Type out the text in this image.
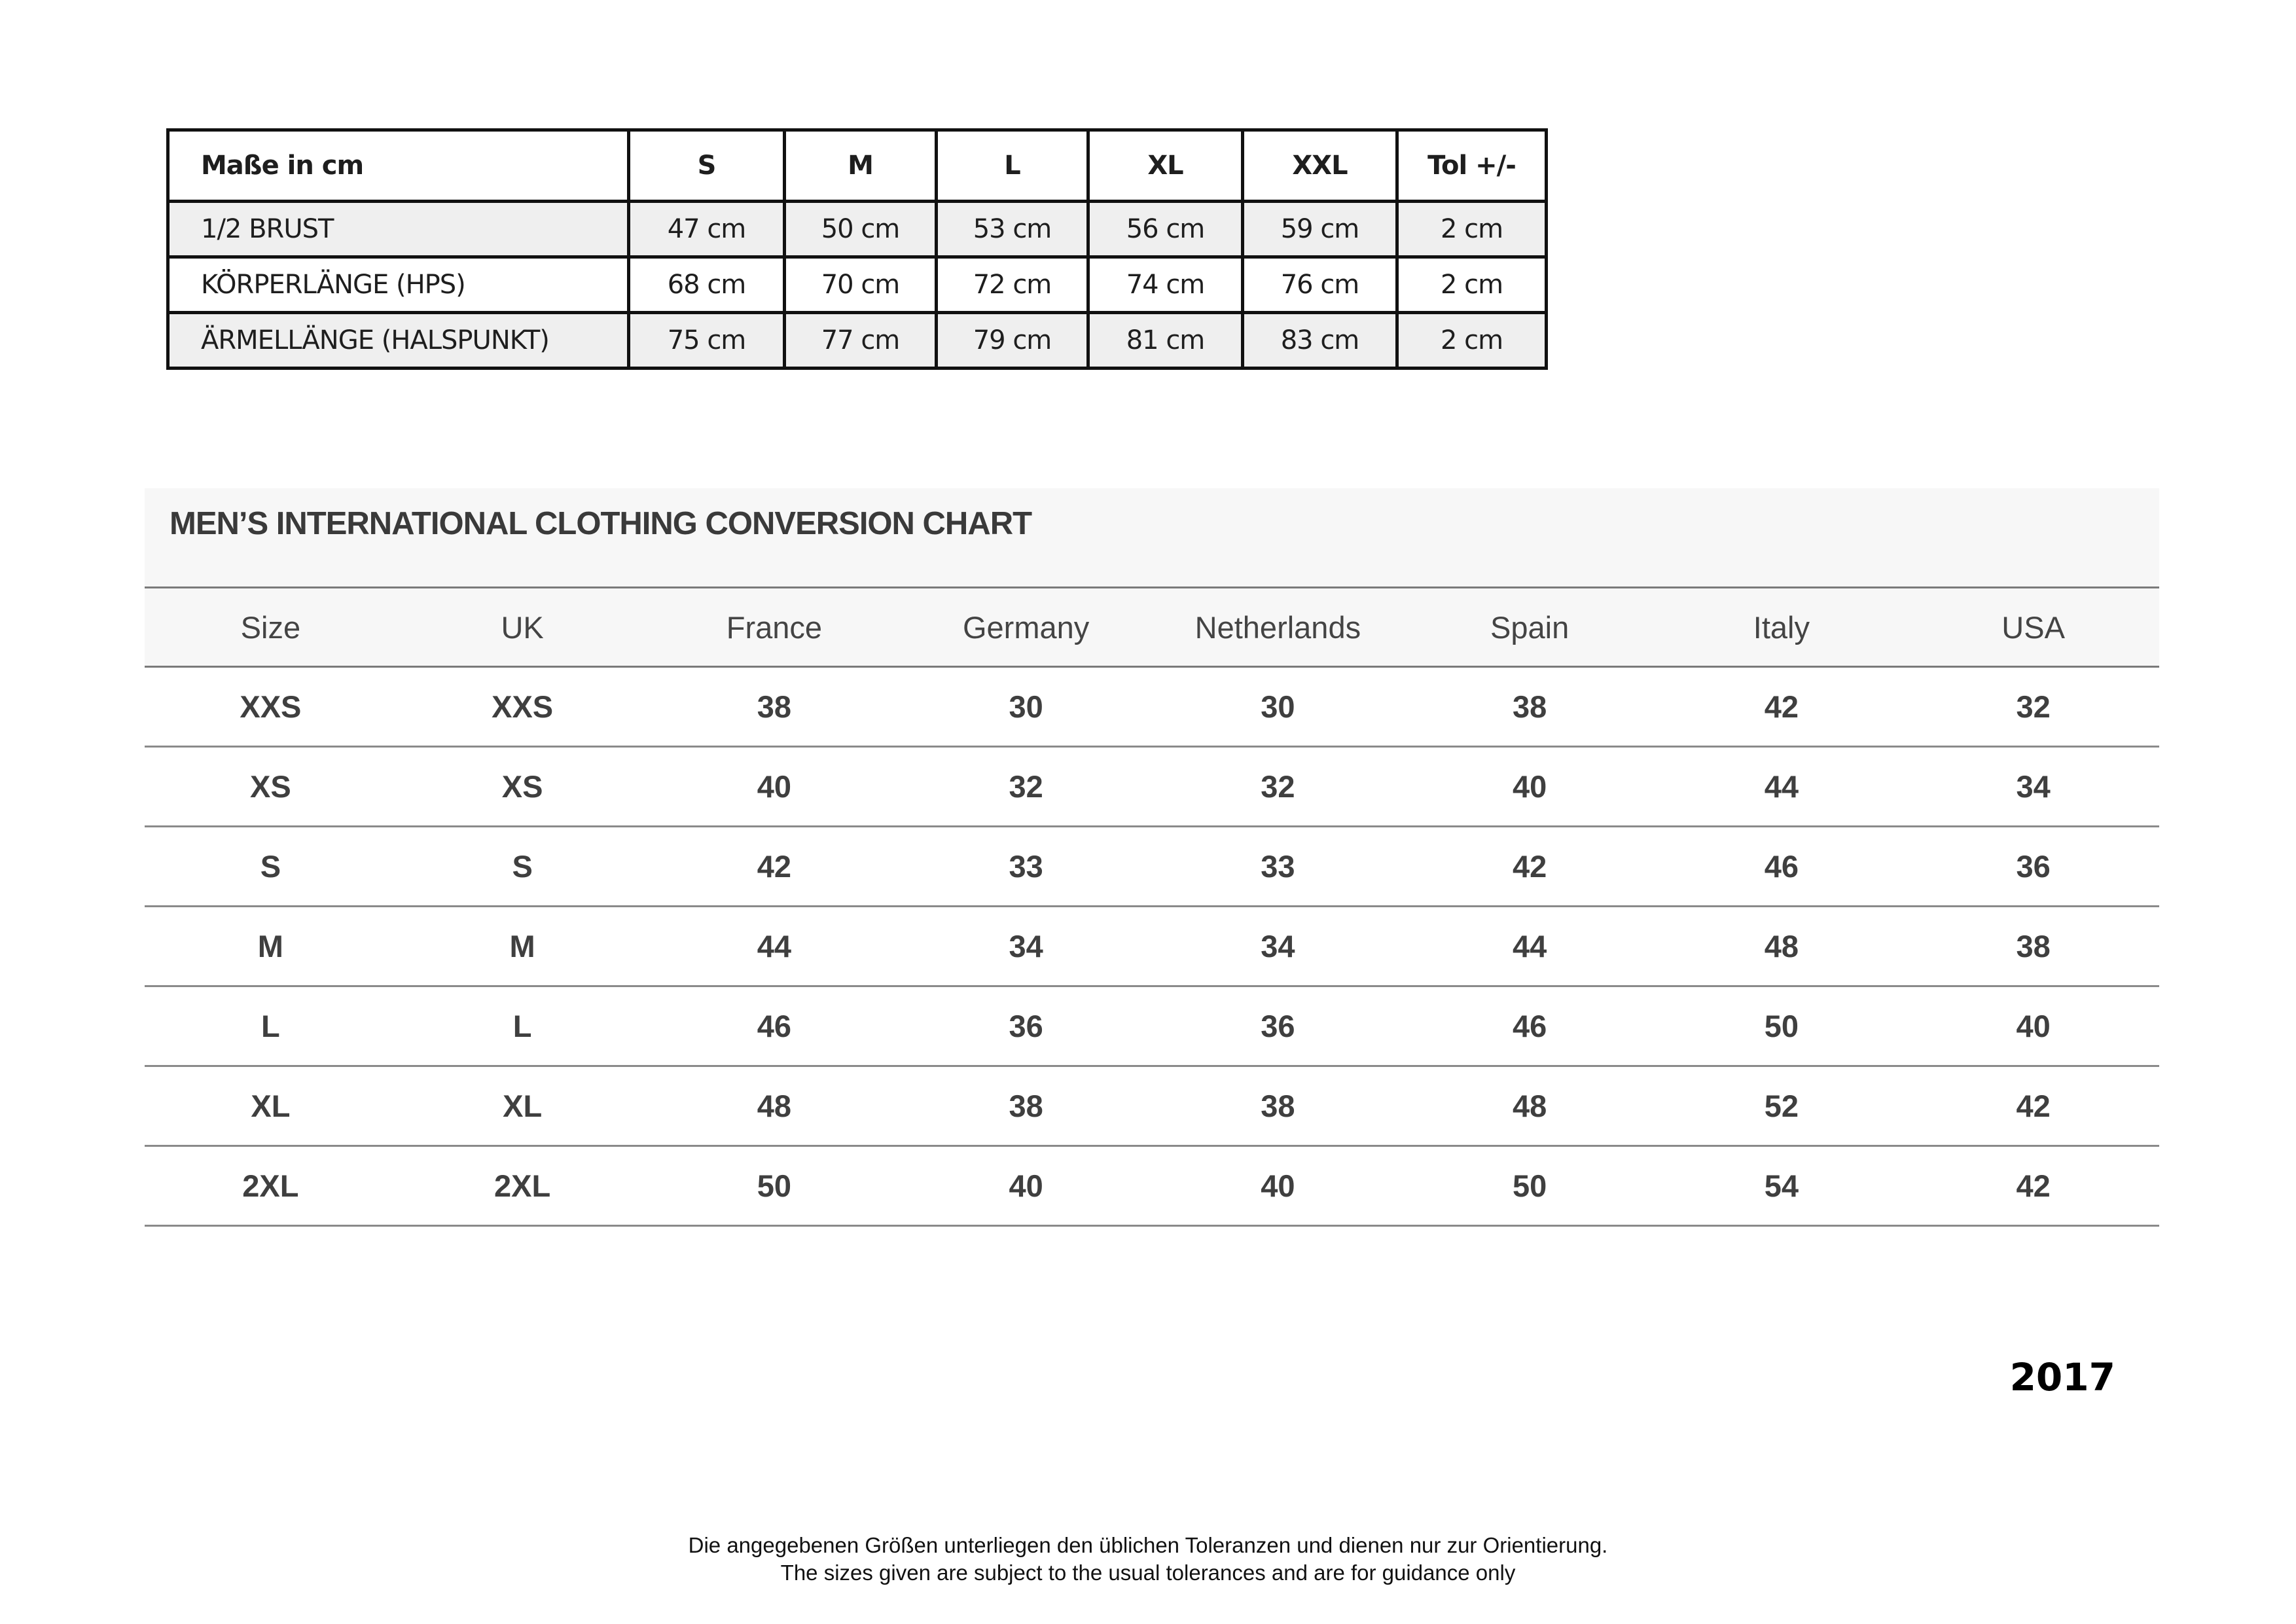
Maße in cm	S	M	L	XL	XXL	Tol +/-
1/2 BRUST	47 cm	50 cm	53 cm	56 cm	59 cm	2 cm
KÖRPERLÄNGE (HPS)	68 cm	70 cm	72 cm	74 cm	76 cm	2 cm
ÄRMELLÄNGE (HALSPUNKT)	75 cm	77 cm	79 cm	81 cm	83 cm	2 cm
MEN’S INTERNATIONAL CLOTHING CONVERSION CHART
Size	UK	France	Germany	Netherlands	Spain	Italy	USA
XXS	XXS	38	30	30	38	42	32
XS	XS	40	32	32	40	44	34
S	S	42	33	33	42	46	36
M	M	44	34	34	44	48	38
L	L	46	36	36	46	50	40
XL	XL	48	38	38	48	52	42
2XL	2XL	50	40	40	50	54	42
2017
Die angegebenen Größen unterliegen den üblichen Toleranzen und dienen nur zur Orientierung.
The sizes given are subject to the usual tolerances and are for guidance only
